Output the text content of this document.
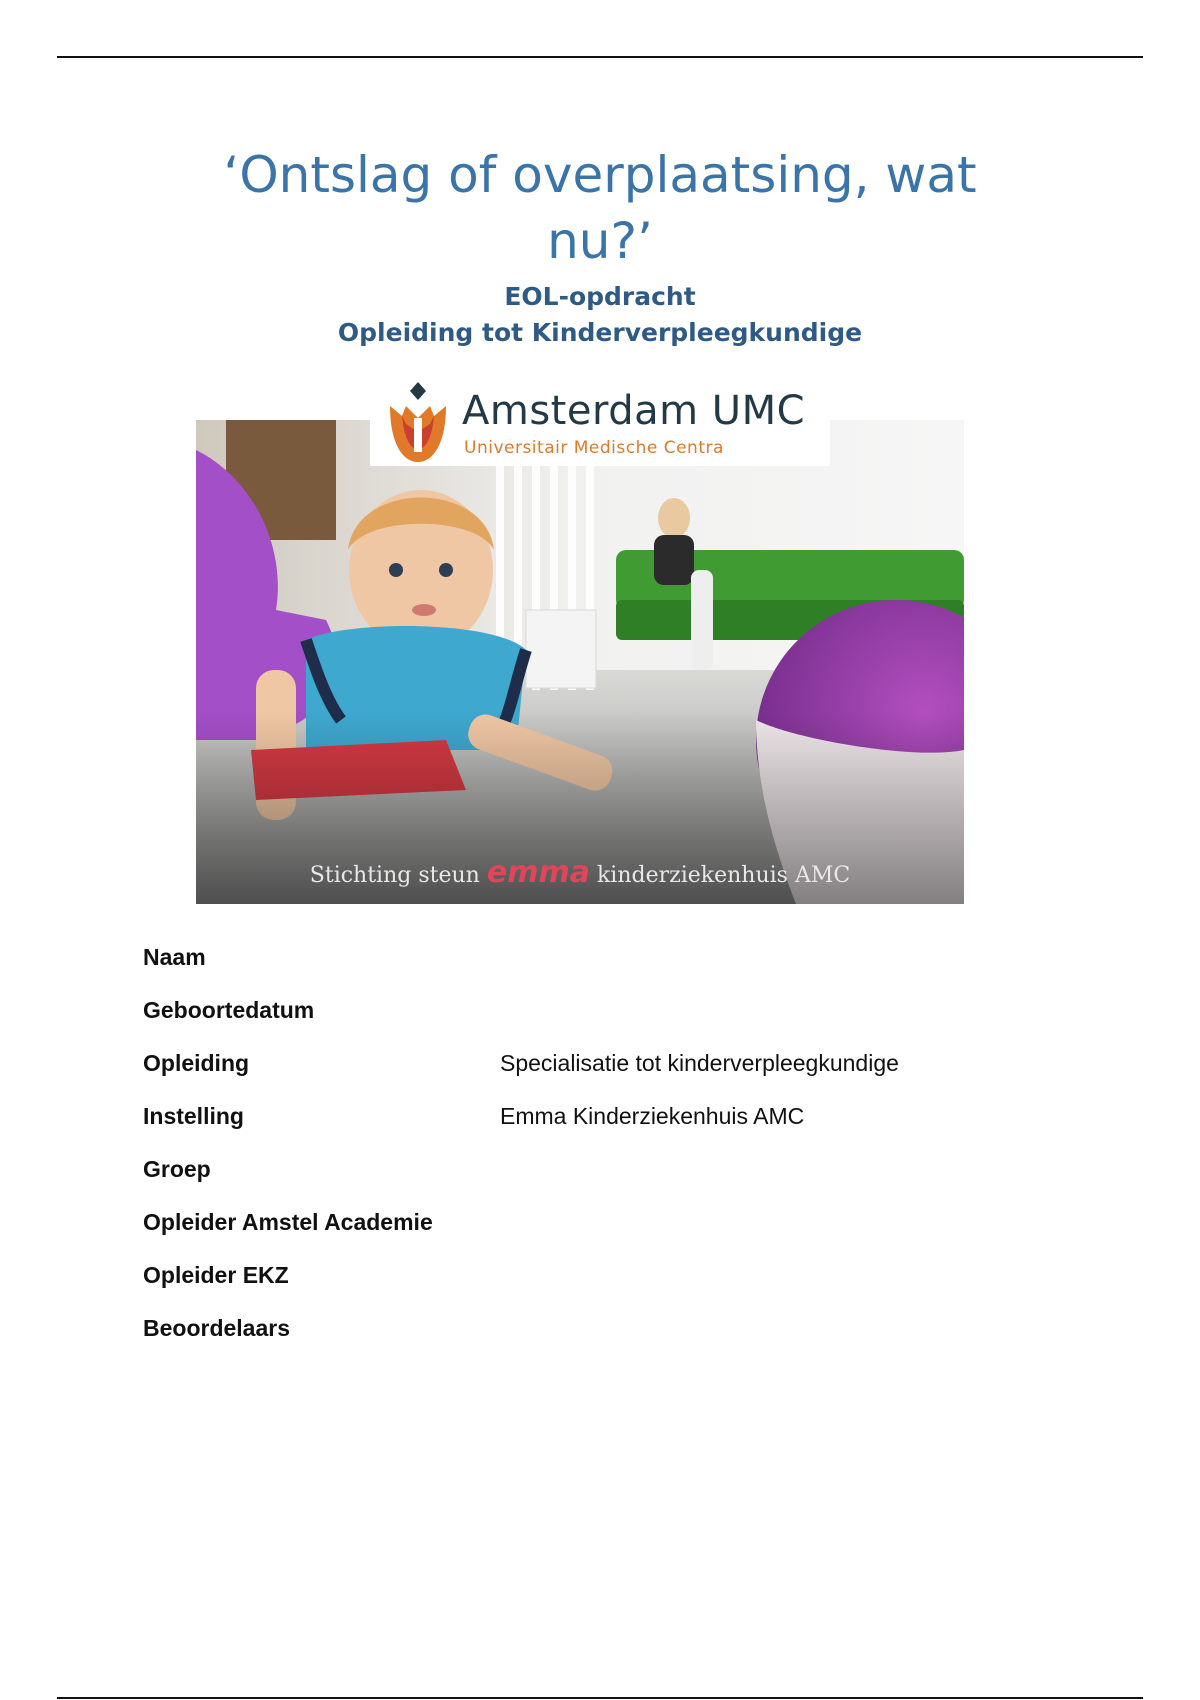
‘Ontslag of overplaatsing, wat nu?’

EOL-opdracht

Opleiding tot Kinderverpleegkundige

Stichting steun emma kinderziekenhuis AMC
Amsterdam UMC
Universitair Medische Centra
Naam
Geboortedatum
Opleiding	Specialisatie tot kinderverpleegkundige
Instelling	Emma Kinderziekenhuis AMC
Groep
Opleider Amstel Academie
Opleider EKZ
Beoordelaars
